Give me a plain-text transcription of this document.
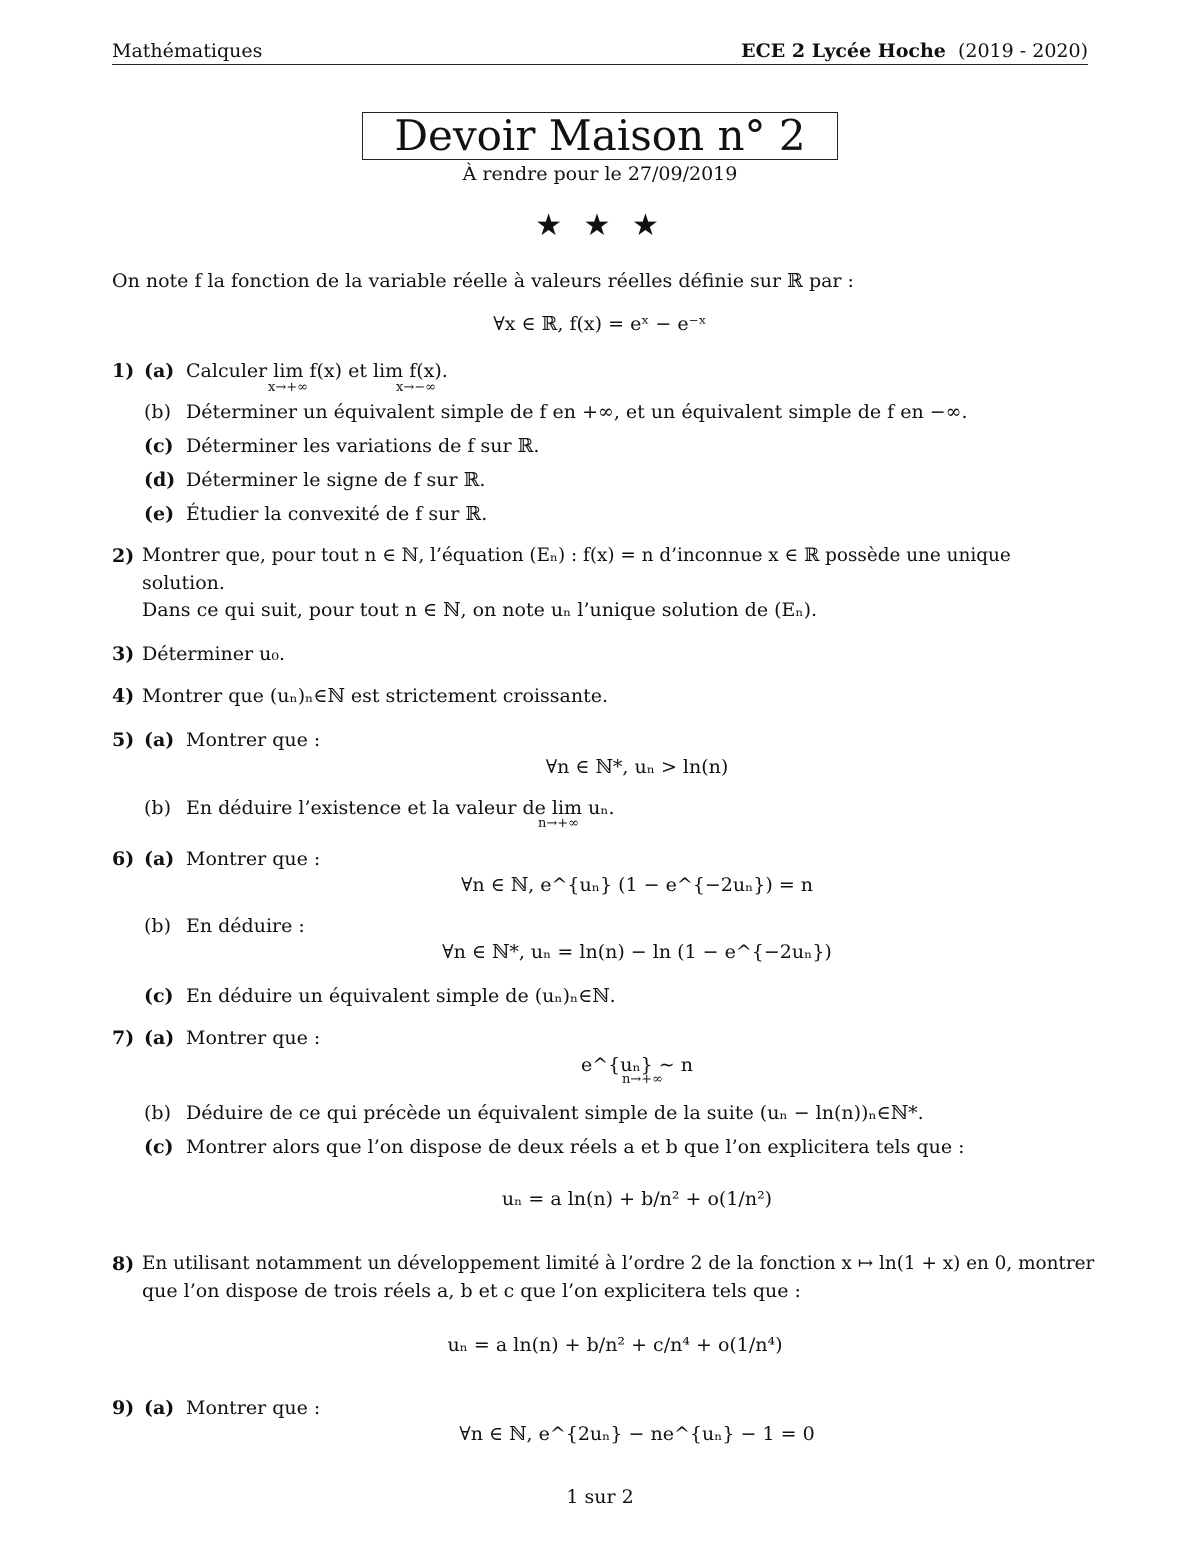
Mathématiques	ECE 2 Lycée Hoche (2019 - 2020)
Devoir Maison n° 2
À rendre pour le 27/09/2019
★ ★ ★
On note f la fonction de la variable réelle à valeurs réelles définie sur ℝ par :
∀x ∈ ℝ, f(x) = eˣ − e⁻ˣ
1) (a) Calculer lim f(x) et lim f(x).
x→+∞	x→−∞
(b) Déterminer un équivalent simple de f en +∞, et un équivalent simple de f en −∞.
(c) Déterminer les variations de f sur ℝ.
(d) Déterminer le signe de f sur ℝ.
(e) Étudier la convexité de f sur ℝ.
2) Montrer que, pour tout n ∈ ℕ, l’équation (Eₙ) : f(x) = n d’inconnue x ∈ ℝ possède une unique
solution.
Dans ce qui suit, pour tout n ∈ ℕ, on note uₙ l’unique solution de (Eₙ).
3) Déterminer u₀.
4) Montrer que (uₙ)ₙ∈ℕ est strictement croissante.
5) (a) Montrer que :
∀n ∈ ℕ*, uₙ > ln(n)
(b) En déduire l’existence et la valeur de lim uₙ.
n→+∞
6) (a) Montrer que :
∀n ∈ ℕ, e^{uₙ} (1 − e^{−2uₙ}) = n
(b) En déduire :
∀n ∈ ℕ*, uₙ = ln(n) − ln (1 − e^{−2uₙ})
(c) En déduire un équivalent simple de (uₙ)ₙ∈ℕ.
7) (a) Montrer que :
e^{uₙ} ∼ n
n→+∞
(b) Déduire de ce qui précède un équivalent simple de la suite (uₙ − ln(n))ₙ∈ℕ*.
(c) Montrer alors que l’on dispose de deux réels a et b que l’on explicitera tels que :
uₙ = a ln(n) + b/n² + o(1/n²)
8) En utilisant notamment un développement limité à l’ordre 2 de la fonction x ↦ ln(1 + x) en 0, montrer
que l’on dispose de trois réels a, b et c que l’on explicitera tels que :
uₙ = a ln(n) + b/n² + c/n⁴ + o(1/n⁴)
9) (a) Montrer que :
∀n ∈ ℕ, e^{2uₙ} − ne^{uₙ} − 1 = 0
1 sur 2
